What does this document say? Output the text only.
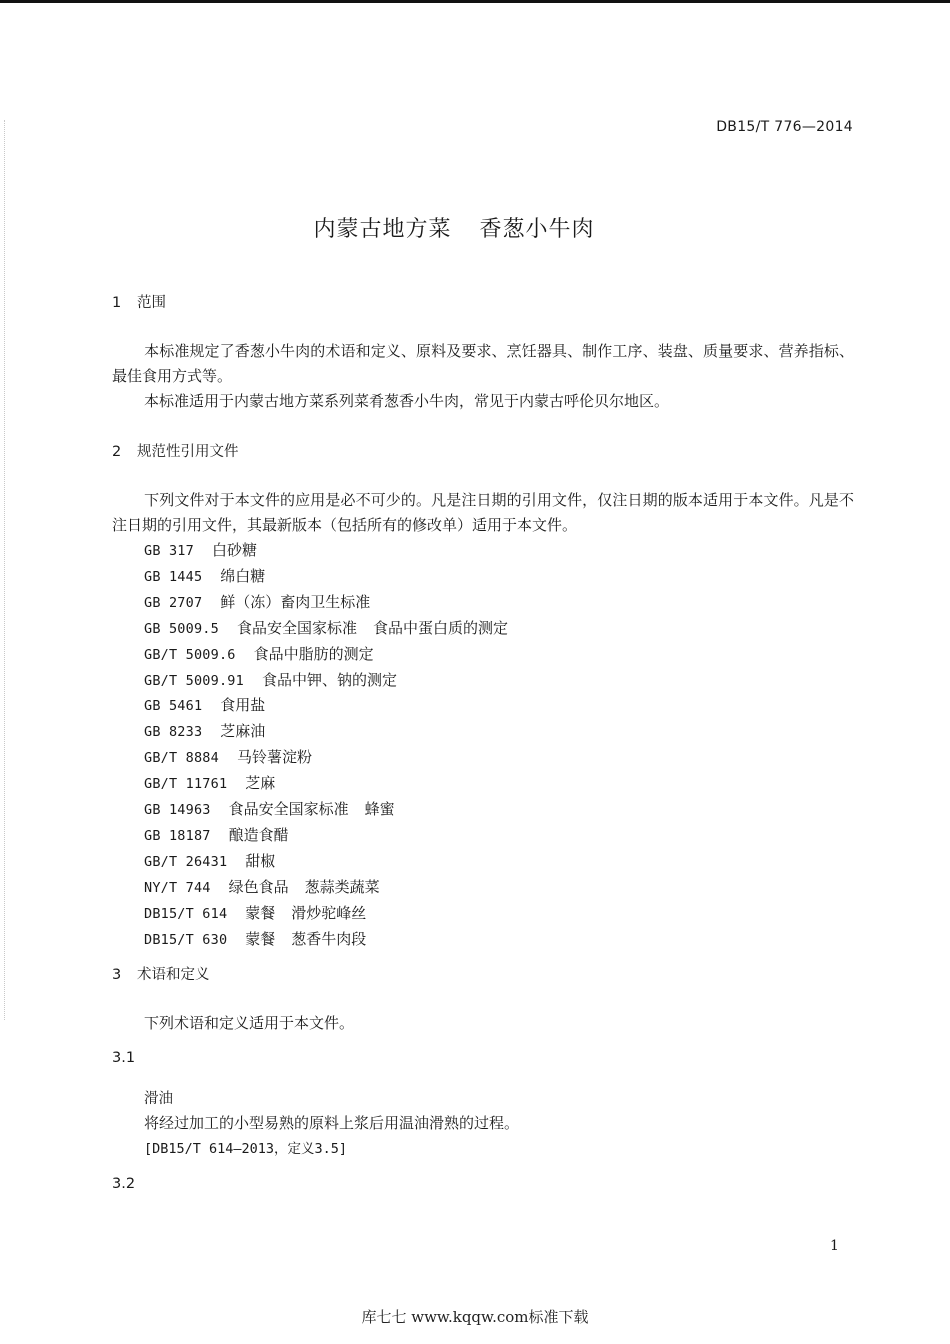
DB15/T 776—2014
内蒙古地方菜 香葱小牛肉
1 范围
本标准规定了香葱小牛肉的术语和定义、原料及要求、烹饪器具、制作工序、装盘、质量要求、营养指标、最佳食用方式等。
本标准适用于内蒙古地方菜系列菜肴葱香小牛肉，常见于内蒙古呼伦贝尔地区。
2 规范性引用文件
下列文件对于本文件的应用是必不可少的。凡是注日期的引用文件，仅注日期的版本适用于本文件。凡是不注日期的引用文件，其最新版本（包括所有的修改单）适用于本文件。
GB 317 白砂糖
GB 1445 绵白糖
GB 2707 鲜（冻）畜肉卫生标准
GB 5009.5 食品安全国家标准 食品中蛋白质的测定
GB/T 5009.6 食品中脂肪的测定
GB/T 5009.91 食品中钾、钠的测定
GB 5461 食用盐
GB 8233 芝麻油
GB/T 8884 马铃薯淀粉
GB/T 11761 芝麻
GB 14963 食品安全国家标准 蜂蜜
GB 18187 酿造食醋
GB/T 26431 甜椒
NY/T 744 绿色食品 葱蒜类蔬菜
DB15/T 614 蒙餐 滑炒驼峰丝
DB15/T 630 蒙餐 葱香牛肉段
3 术语和定义
下列术语和定义适用于本文件。
3.1
滑油
将经过加工的小型易熟的原料上浆后用温油滑熟的过程。
[DB15/T 614—2013，定义3.5]
3.2
1
库七七 www.kqqw.com标准下载
